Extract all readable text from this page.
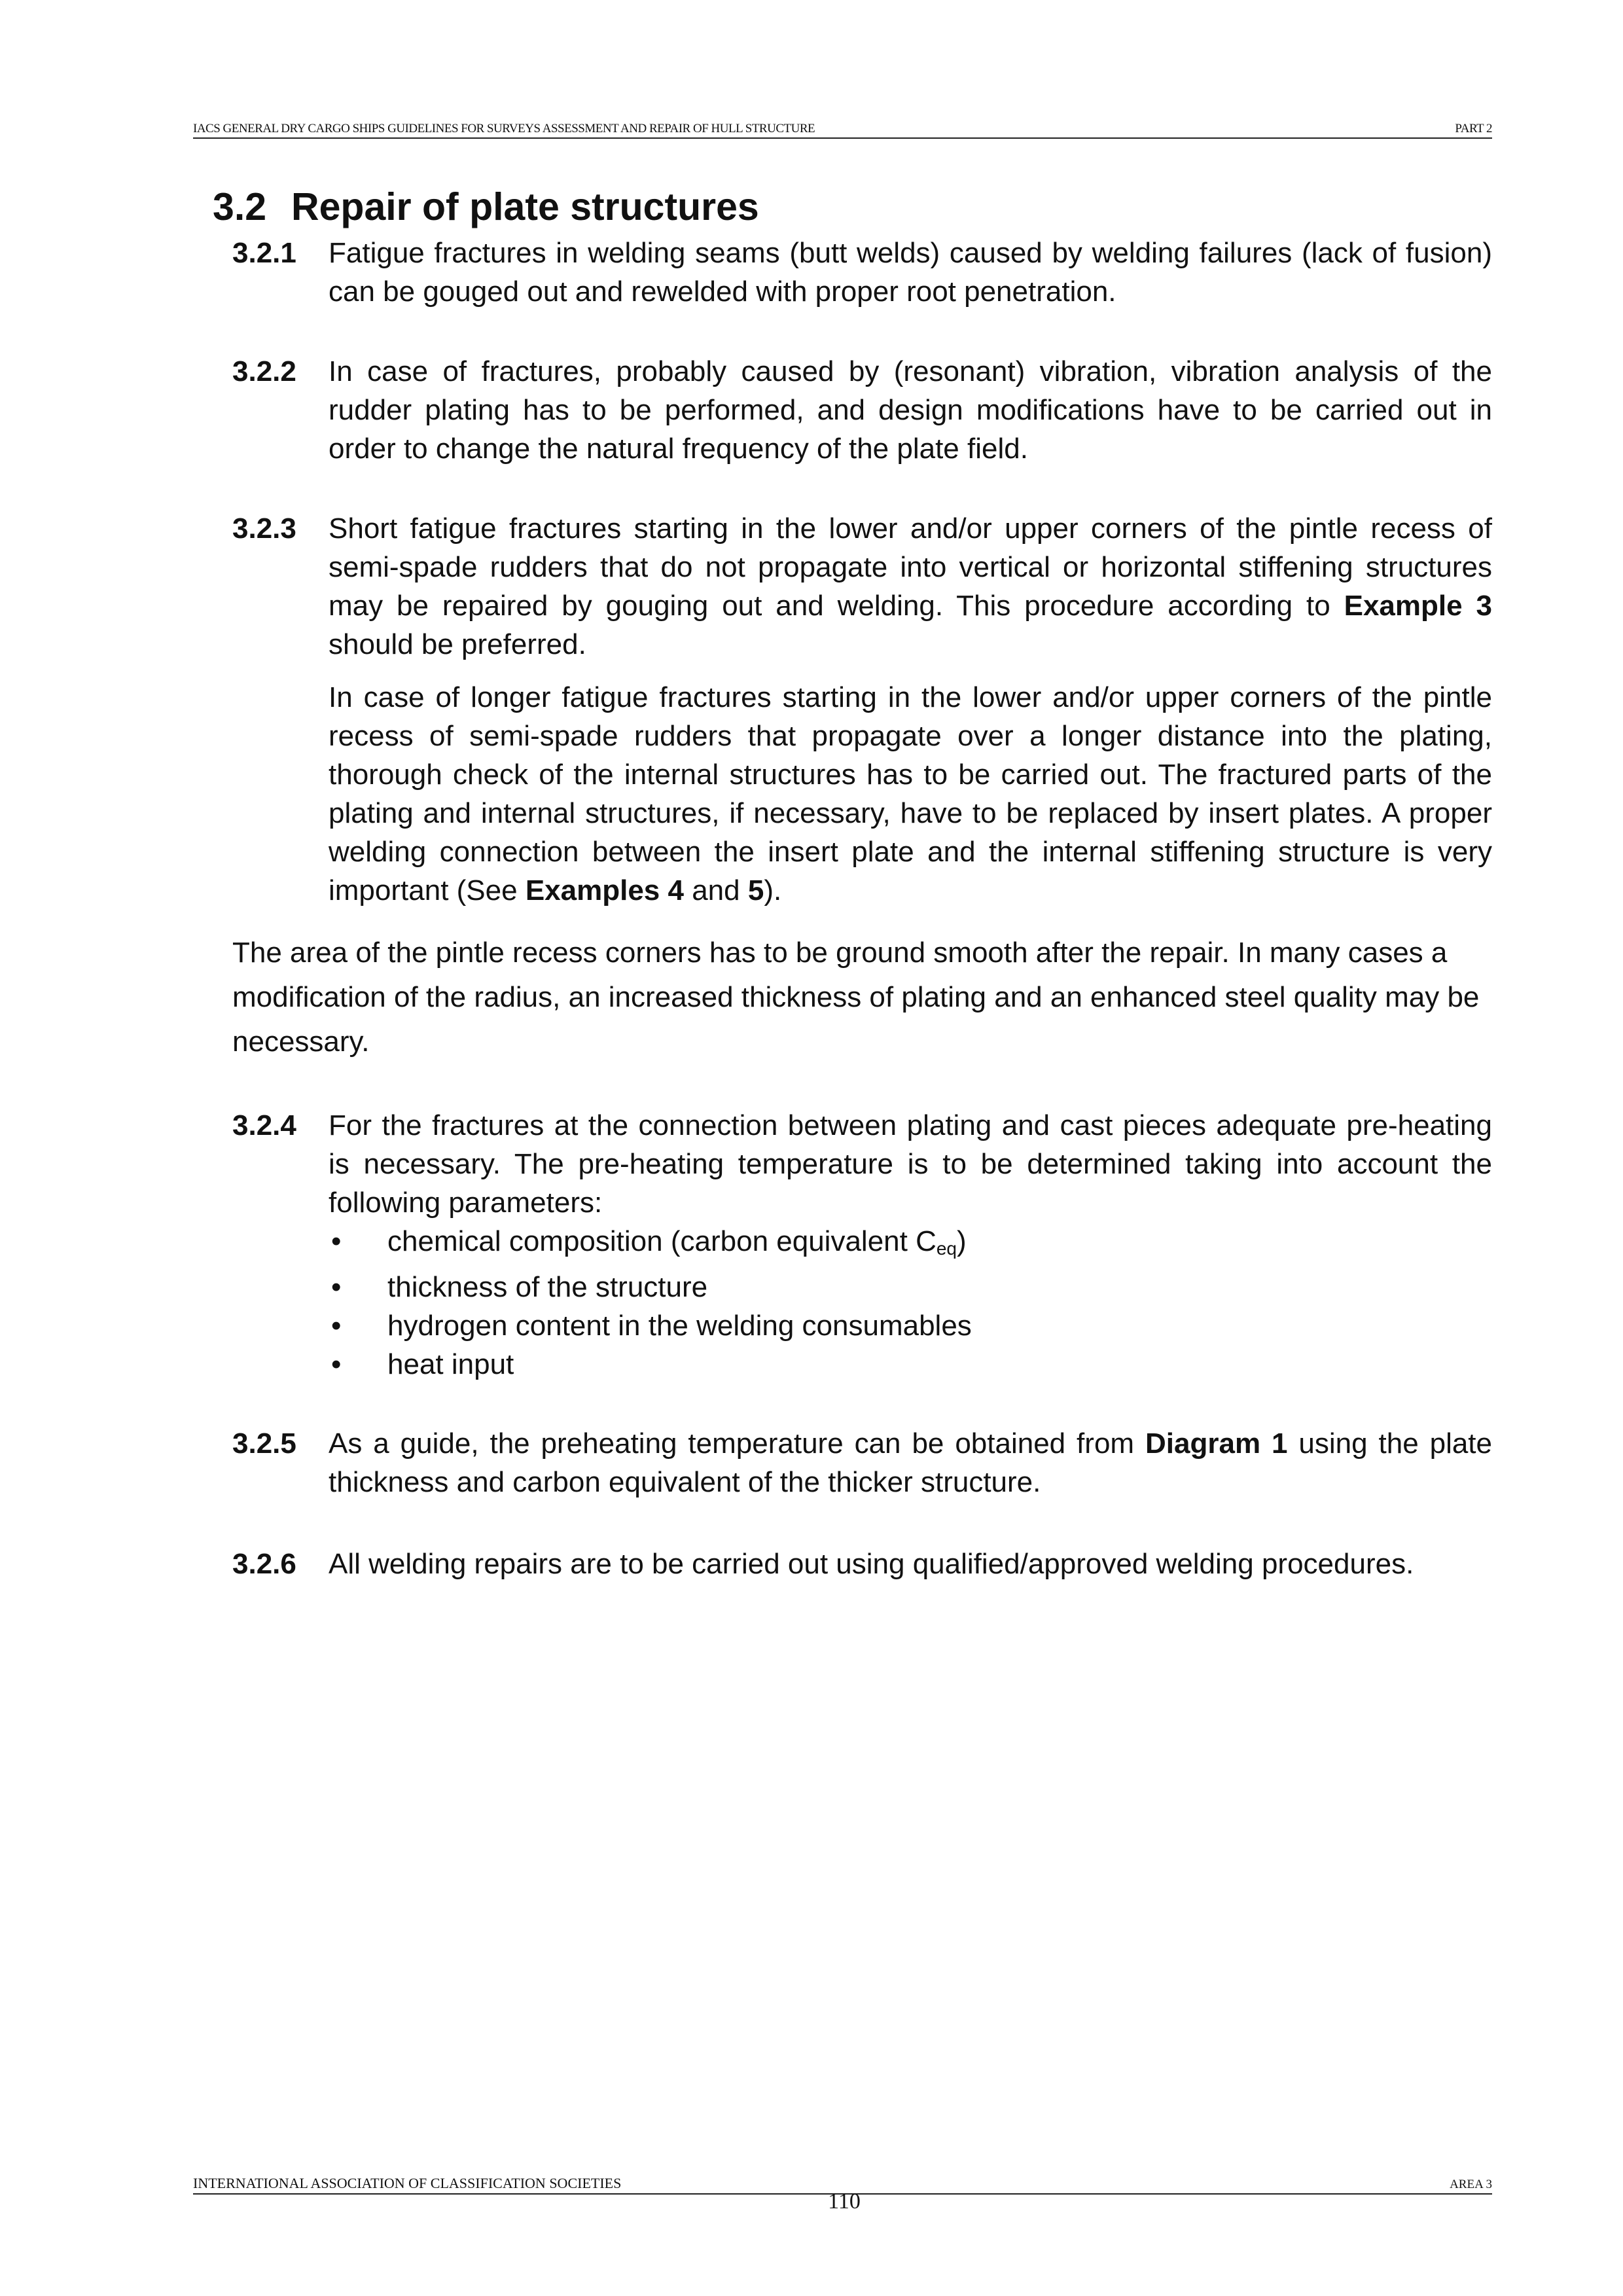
IACS GENERAL DRY CARGO SHIPS GUIDELINES FOR SURVEYS ASSESSMENT AND REPAIR OF HULL STRUCTURE	PART 2
3.2 Repair of plate structures
3.2.1 Fatigue fractures in welding seams (butt welds) caused by welding failures (lack of fusion) can be gouged out and rewelded with proper root penetration.

3.2.2 In case of fractures, probably caused by (resonant) vibration, vibration analysis of the rudder plating has to be performed, and design modifications have to be carried out in order to change the natural frequency of the plate field.

3.2.3 Short fatigue fractures starting in the lower and/or upper corners of the pintle recess of semi-spade rudders that do not propagate into vertical or horizontal stiffening structures may be repaired by gouging out and welding. This procedure according to Example 3 should be preferred.

In case of longer fatigue fractures starting in the lower and/or upper corners of the pintle recess of semi-spade rudders that propagate over a longer distance into the plating, thorough check of the internal structures has to be carried out. The fractured parts of the plating and internal structures, if necessary, have to be replaced by insert plates. A proper welding connection between the insert plate and the internal stiffening structure is very important (See Examples 4 and 5).

The area of the pintle recess corners has to be ground smooth after the repair. In many cases a modification of the radius, an increased thickness of plating and an enhanced steel quality may be necessary.
3.2.4 For the fractures at the connection between plating and cast pieces adequate pre-heating is necessary. The pre-heating temperature is to be determined taking into account the following parameters:

• chemical composition (carbon equivalent $C_{eq}$)
• thickness of the structure
• hydrogen content in the welding consumables
• heat input
3.2.5 As a guide, the preheating temperature can be obtained from Diagram 1 using the plate thickness and carbon equivalent of the thicker structure.

3.2.6 All welding repairs are to be carried out using qualified/approved welding procedures.

INTERNATIONAL ASSOCIATION OF CLASSIFICATION SOCIETIES	AREA 3
110
